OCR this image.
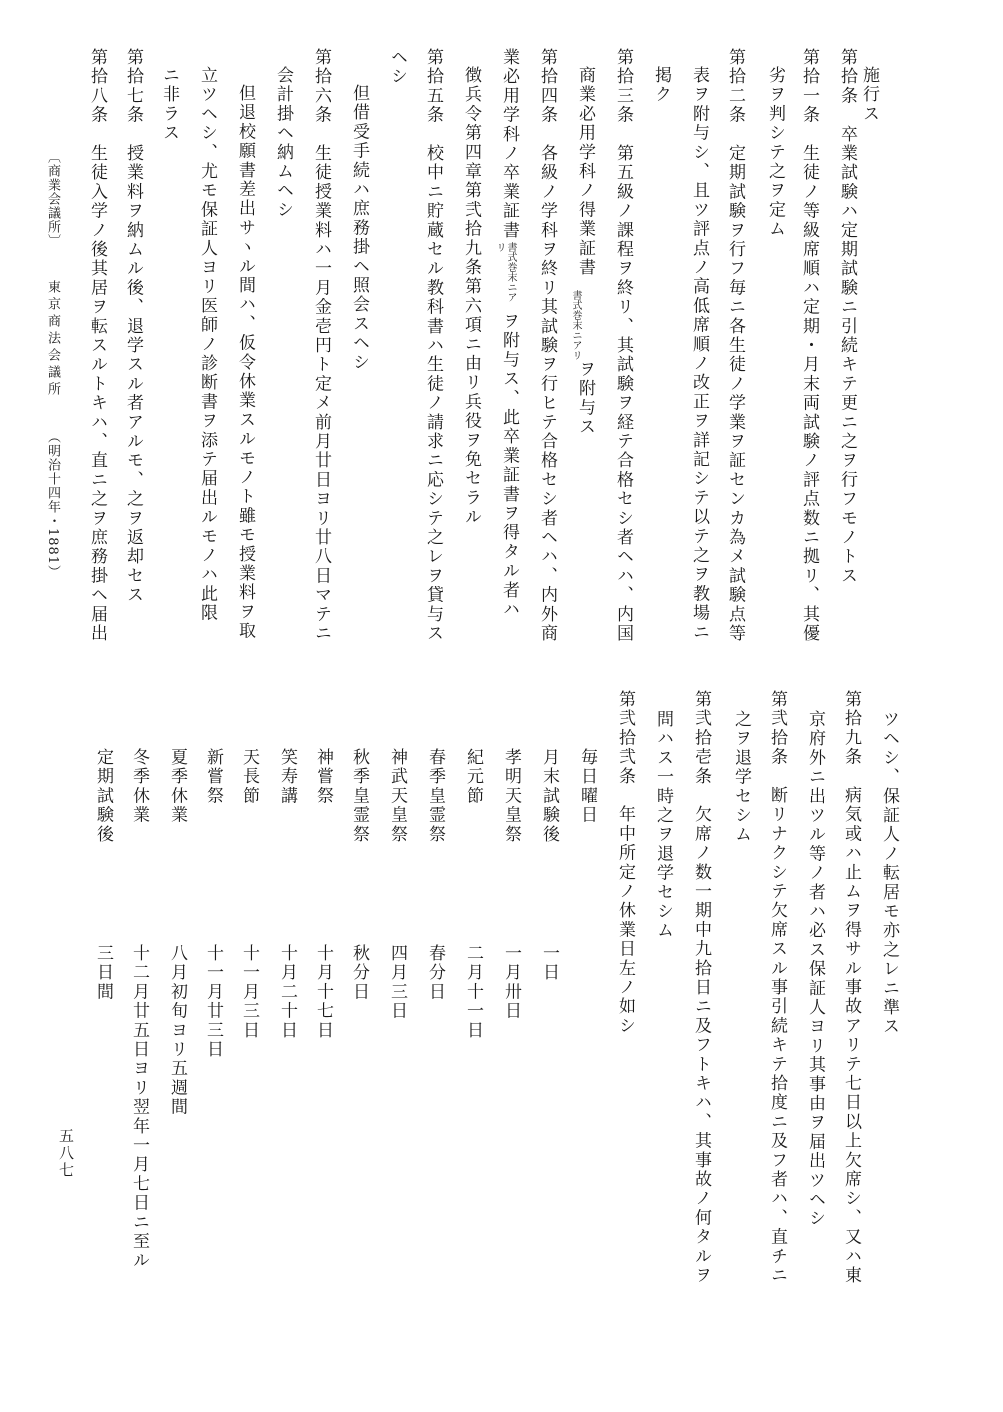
施行ス
第拾条　卒業試験ハ定期試験ニ引続キテ更ニ之ヲ行フモノトス
第拾一条　生徒ノ等級席順ハ定期・月末両試験ノ評点数ニ拠リ、其優
劣ヲ判シテ之ヲ定ム
第拾二条　定期試験ヲ行フ毎ニ各生徒ノ学業ヲ証センカ為メ試験点等
表ヲ附与シ、且ツ評点ノ高低席順ノ改正ヲ詳記シテ以テ之ヲ教場ニ
掲ク
第拾三条　第五級ノ課程ヲ終リ、其試験ヲ経テ合格セシ者ヘハ、内国
商業必用学科ノ得業証書
書式巻末ニアリ
ヲ附与ス
第拾四条　各級ノ学科ヲ終リ其試験ヲ行ヒテ合格セシ者ヘハ、内外商
業必用学科ノ卒業証書
書式巻末ニアリ
ヲ附与ス、此卒業証書ヲ得タル者ハ
徴兵令第四章第弐拾九条第六項ニ由リ兵役ヲ免セラル
第拾五条　校中ニ貯蔵セル教科書ハ生徒ノ請求ニ応シテ之レヲ貸与ス
ヘシ
但借受手続ハ庶務掛ヘ照会スヘシ
第拾六条　生徒授業料ハ一月金壱円ト定メ前月廿日ヨリ廿八日マテニ
会計掛ヘ納ムヘシ
但退校願書差出サヽル間ハ、仮令休業スルモノト雖モ授業料ヲ取
立ツヘシ、尤モ保証人ヨリ医師ノ診断書ヲ添テ届出ルモノハ此限
ニ非ラス
第拾七条　授業料ヲ納ムル後、退学スル者アルモ、之ヲ返却セス
第拾八条　生徒入学ノ後其居ヲ転スルトキハ、直ニ之ヲ庶務掛ヘ届出
〔商業会議所〕
東京商法会議所
（明治十四年・1881）
ツヘシ、保証人ノ転居モ亦之レニ準ス
第拾九条　病気或ハ止ムヲ得サル事故アリテ七日以上欠席シ、又ハ東
京府外ニ出ツル等ノ者ハ必ス保証人ヨリ其事由ヲ届出ツヘシ
第弐拾条　断リナクシテ欠席スル事引続キテ拾度ニ及フ者ハ、直チニ
之ヲ退学セシム
第弐拾壱条　欠席ノ数一期中九拾日ニ及フトキハ、其事故ノ何タルヲ
問ハス一時之ヲ退学セシム
第弐拾弐条　年中所定ノ休業日左ノ如シ
毎日曜日
月末試験後
一日
孝明天皇祭
一月卅日
紀元節
二月十一日
春季皇霊祭
春分日
神武天皇祭
四月三日
秋季皇霊祭
秋分日
神嘗祭
十月十七日
笑寿講
十月二十日
天長節
十一月三日
新嘗祭
十一月廿三日
夏季休業
八月初旬ヨリ五週間
冬季休業
十二月廿五日ヨリ翌年一月七日ニ至ル
定期試験後
三日間
五八七
